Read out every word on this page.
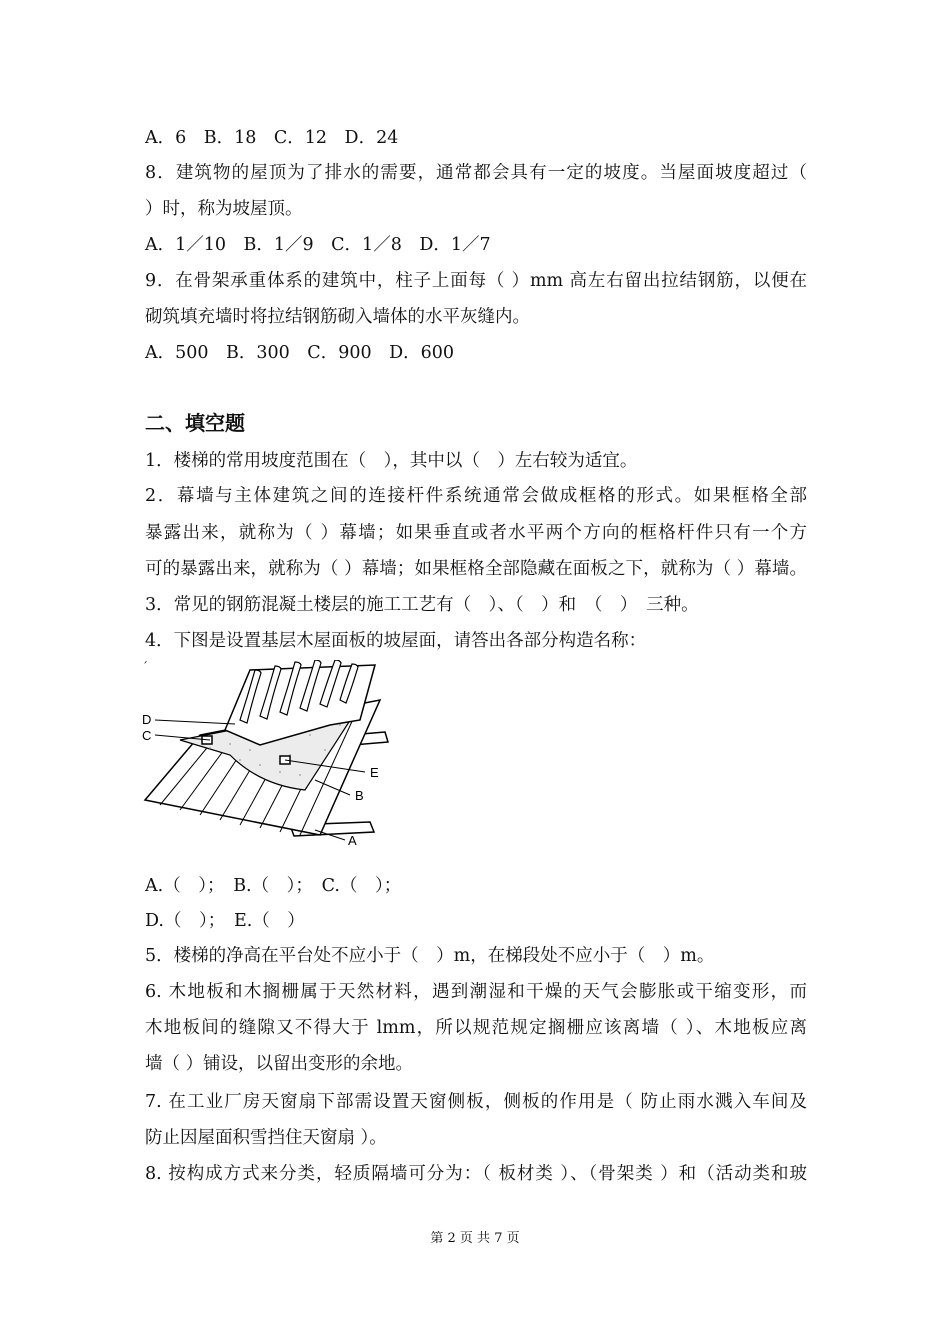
A．6　B．18　C．12　D．24
8．建筑物的屋顶为了排水的需要，通常都会具有一定的坡度。当屋面坡度超过（
）时，称为坡屋顶。
A．1／10　B．1／9　C．1／8　D．1／7
9．在骨架承重体系的建筑中，柱子上面每（ ）mm 高左右留出拉结钢筋，以便在
砌筑填充墙时将拉结钢筋砌入墙体的水平灰缝内。
A．500　B．300　C．900　D．600
二、填空题
1．楼梯的常用坡度范围在（　），其中以（　）左右较为适宜。
2．幕墙与主体建筑之间的连接杆件系统通常会做成框格的形式。如果框格全部
暴露出来，就称为（ ）幕墙；如果垂直或者水平两个方向的框格杆件只有一个方
可的暴露出来，就称为（ ）幕墙；如果框格全部隐藏在面板之下，就称为（ ）幕墙。
3．常见的钢筋混凝土楼层的施工工艺有（　）、（　）和　（　）　三种。
4．下图是设置基层木屋面板的坡屋面，请答出各部分构造名称：
ˊ
D
C
E
B
A
A.（　）；　B.（　）；　C.（　）；
D.（　）；　E.（　）
5．楼梯的净高在平台处不应小于（　）m，在梯段处不应小于（　）m。
6. 木地板和木搁栅属于天然材料，遇到潮湿和干燥的天气会膨胀或干缩变形，而
木地板间的缝隙又不得大于 lmm，所以规范规定搁栅应该离墙（ ）、木地板应离
墙（ ）铺设，以留出变形的余地。
7. 在工业厂房天窗扇下部需设置天窗侧板，侧板的作用是（ 防止雨水溅入车间及
防止因屋面积雪挡住天窗扇 ）。
8. 按构成方式来分类，轻质隔墙可分为：（ 板材类 ）、（骨架类 ）和（活动类和玻
第 2 页 共 7 页
